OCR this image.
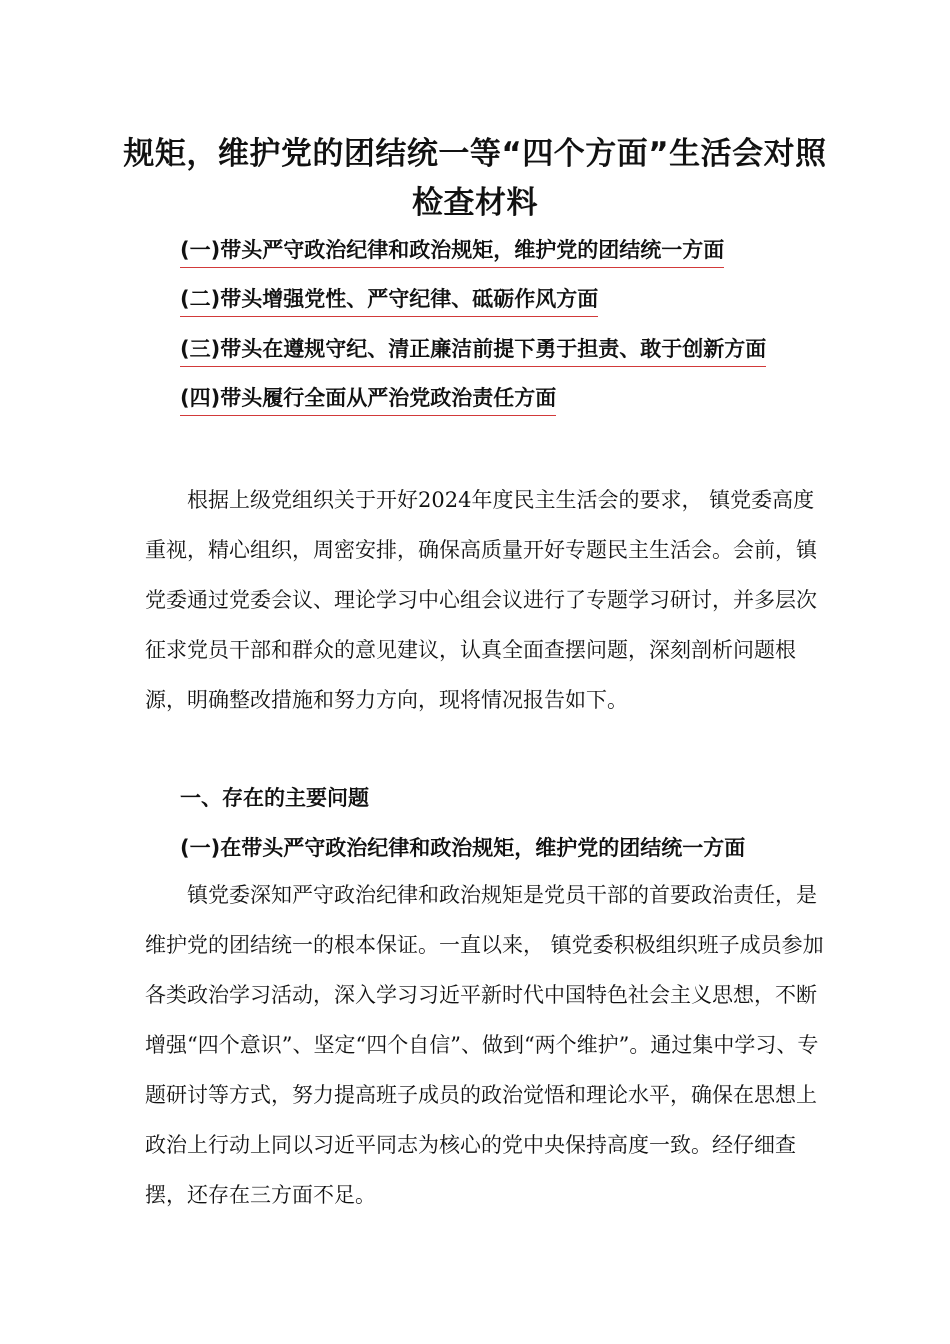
规矩，维护党的团结统一等“四个方面”生活会对照
检查材料
(一)带头严守政治纪律和政治规矩，维护党的团结统一方面
(二)带头增强党性、严守纪律、砥砺作风方面
(三)带头在遵规守纪、清正廉洁前提下勇于担责、敢于创新方面
(四)带头履行全面从严治党政治责任方面

根据上级党组织关于开好2024年度民主生活会的要求， 镇党委高度重视，精心组织，周密安排，确保高质量开好专题民主生活会。会前，镇党委通过党委会议、理论学习中心组会议进行了专题学习研讨，并多层次征求党员干部和群众的意见建议，认真全面查摆问题，深刻剖析问题根源，明确整改措施和努力方向，现将情况报告如下。

一、存在的主要问题
(一)在带头严守政治纪律和政治规矩，维护党的团结统一方面

镇党委深知严守政治纪律和政治规矩是党员干部的首要政治责任，是维护党的团结统一的根本保证。一直以来， 镇党委积极组织班子成员参加各类政治学习活动，深入学习习近平新时代中国特色社会主义思想，不断增强“四个意识”、坚定“四个自信”、做到“两个维护”。通过集中学习、专题研讨等方式，努力提高班子成员的政治觉悟和理论水平，确保在思想上政治上行动上同以习近平同志为核心的党中央保持高度一致。经仔细查摆，还存在三方面不足。
